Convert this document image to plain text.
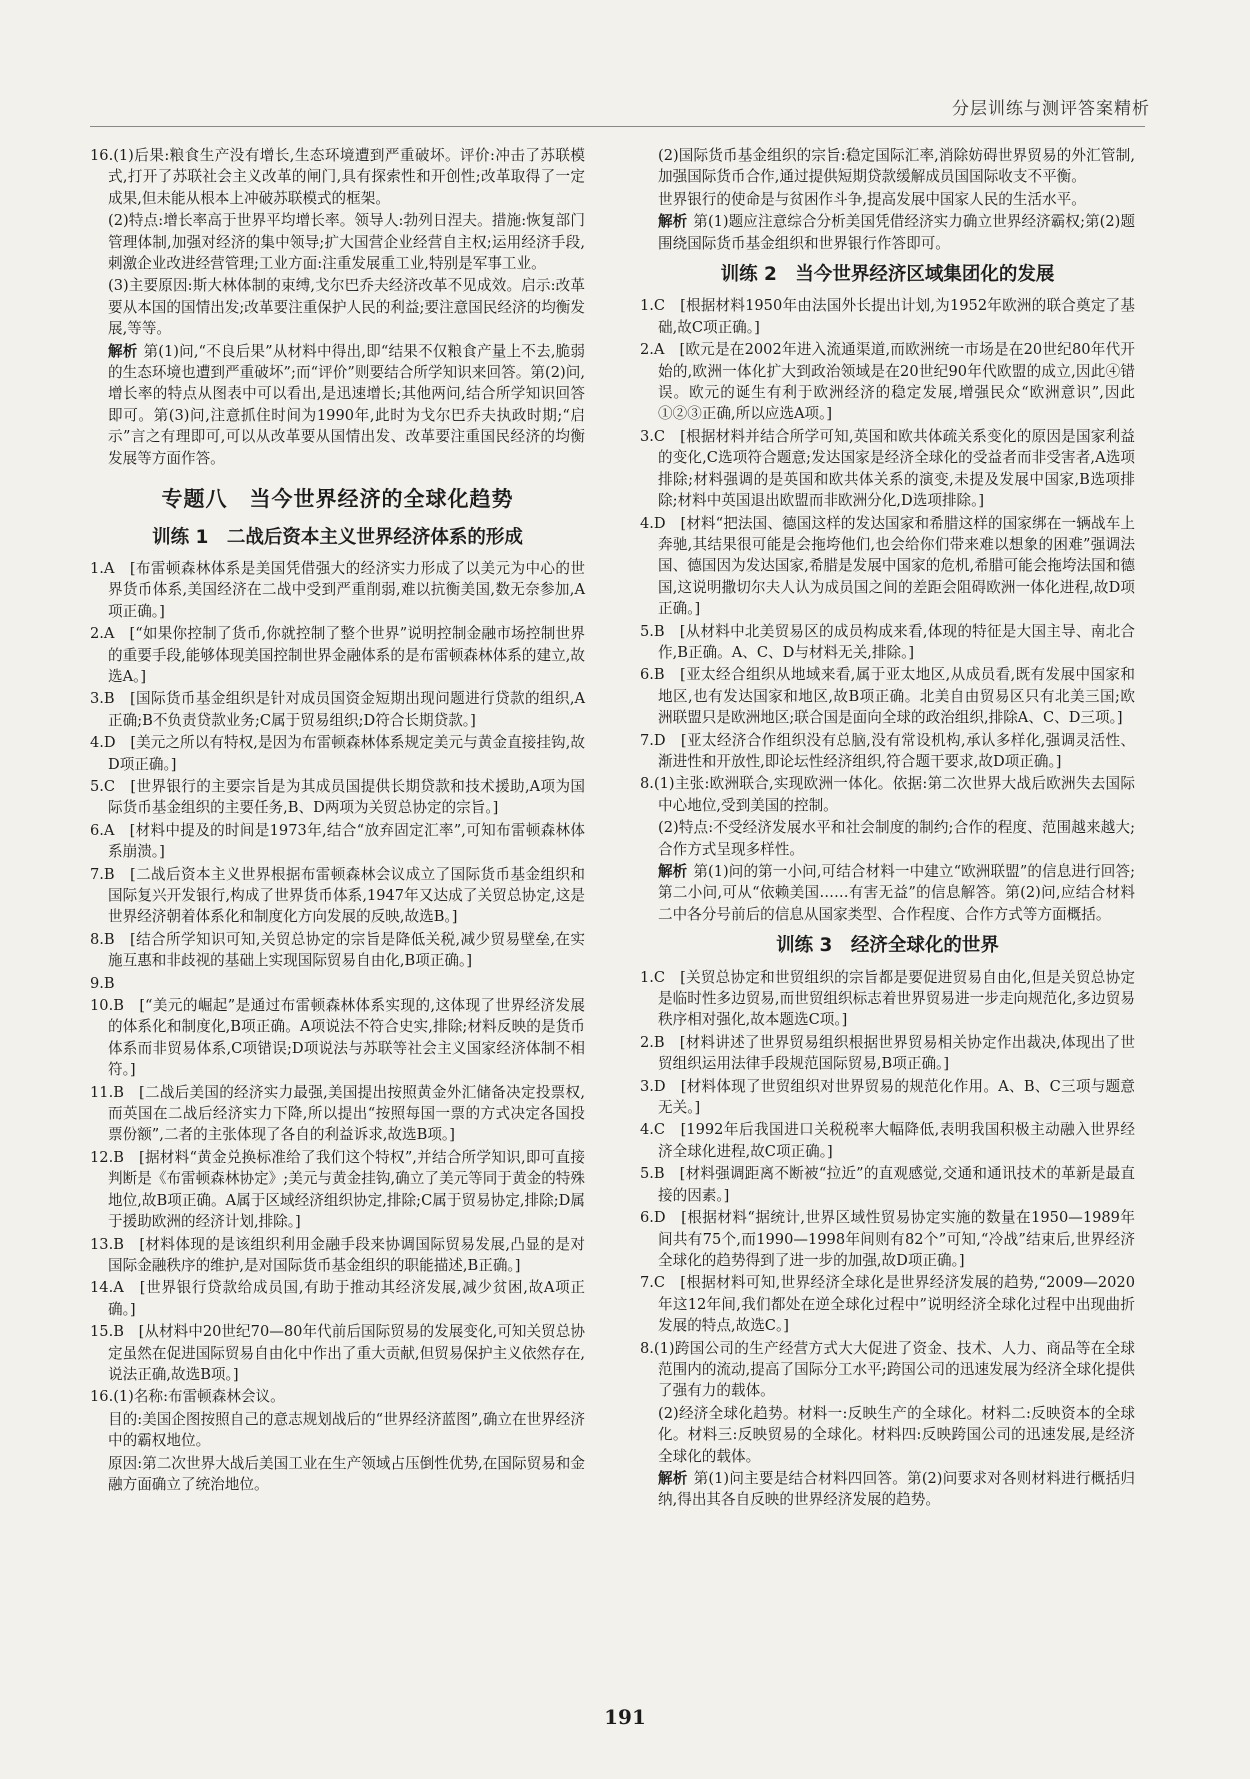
分层训练与测评答案精析

16.(1)后果:粮食生产没有增长,生态环境遭到严重破坏。评价:冲击了苏联模式,打开了苏联社会主义改革的闸门,具有探索性和开创性;改革取得了一定成果,但未能从根本上冲破苏联模式的框架。

(2)特点:增长率高于世界平均增长率。领导人:勃列日涅夫。措施:恢复部门管理体制,加强对经济的集中领导;扩大国营企业经营自主权;运用经济手段,刺激企业改进经营管理;工业方面:注重发展重工业,特别是军事工业。

(3)主要原因:斯大林体制的束缚,戈尔巴乔夫经济改革不见成效。启示:改革要从本国的国情出发;改革要注重保护人民的利益;要注意国民经济的均衡发展,等等。

解析 第(1)问,“不良后果”从材料中得出,即“结果不仅粮食产量上不去,脆弱的生态环境也遭到严重破坏”;而“评价”则要结合所学知识来回答。第(2)问,增长率的特点从图表中可以看出,是迅速增长;其他两问,结合所学知识回答即可。第(3)问,注意抓住时间为1990年,此时为戈尔巴乔夫执政时期;“启示”言之有理即可,可以从改革要从国情出发、改革要注重国民经济的均衡发展等方面作答。

专题八　当今世界经济的全球化趋势
训练 1　二战后资本主义世界经济体系的形成

1.A　[布雷顿森林体系是美国凭借强大的经济实力形成了以美元为中心的世界货币体系,美国经济在二战中受到严重削弱,难以抗衡美国,数无奈参加,A项正确。]

2.A　[“如果你控制了货币,你就控制了整个世界”说明控制金融市场控制世界的重要手段,能够体现美国控制世界金融体系的是布雷顿森林体系的建立,故选A。]

3.B　[国际货币基金组织是针对成员国资金短期出现问题进行贷款的组织,A正确;B不负责贷款业务;C属于贸易组织;D符合长期贷款。]

4.D　[美元之所以有特权,是因为布雷顿森林体系规定美元与黄金直接挂钩,故D项正确。]

5.C　[世界银行的主要宗旨是为其成员国提供长期贷款和技术援助,A项为国际货币基金组织的主要任务,B、D两项为关贸总协定的宗旨。]

6.A　[材料中提及的时间是1973年,结合“放弃固定汇率”,可知布雷顿森林体系崩溃。]

7.B　[二战后资本主义世界根据布雷顿森林会议成立了国际货币基金组织和国际复兴开发银行,构成了世界货币体系,1947年又达成了关贸总协定,这是世界经济朝着体系化和制度化方向发展的反映,故选B。]

8.B　[结合所学知识可知,关贸总协定的宗旨是降低关税,减少贸易壁垒,在实施互惠和非歧视的基础上实现国际贸易自由化,B项正确。]

9.B

10.B　[“美元的崛起”是通过布雷顿森林体系实现的,这体现了世界经济发展的体系化和制度化,B项正确。A项说法不符合史实,排除;材料反映的是货币体系而非贸易体系,C项错误;D项说法与苏联等社会主义国家经济体制不相符。]

11.B　[二战后美国的经济实力最强,美国提出按照黄金外汇储备决定投票权,而英国在二战后经济实力下降,所以提出“按照每国一票的方式决定各国投票份额”,二者的主张体现了各自的利益诉求,故选B项。]

12.B　[据材料“黄金兑换标准给了我们这个特权”,并结合所学知识,即可直接判断是《布雷顿森林协定》;美元与黄金挂钩,确立了美元等同于黄金的特殊地位,故B项正确。A属于区域经济组织协定,排除;C属于贸易协定,排除;D属于援助欧洲的经济计划,排除。]

13.B　[材料体现的是该组织利用金融手段来协调国际贸易发展,凸显的是对国际金融秩序的维护,是对国际货币基金组织的职能描述,B正确。]

14.A　[世界银行贷款给成员国,有助于推动其经济发展,减少贫困,故A项正确。]

15.B　[从材料中20世纪70—80年代前后国际贸易的发展变化,可知关贸总协定虽然在促进国际贸易自由化中作出了重大贡献,但贸易保护主义依然存在,说法正确,故选B项。]

16.(1)名称:布雷顿森林会议。

目的:美国企图按照自己的意志规划战后的“世界经济蓝图”,确立在世界经济中的霸权地位。

原因:第二次世界大战后美国工业在生产领域占压倒性优势,在国际贸易和金融方面确立了统治地位。

(2)国际货币基金组织的宗旨:稳定国际汇率,消除妨碍世界贸易的外汇管制,加强国际货币合作,通过提供短期贷款缓解成员国国际收支不平衡。

世界银行的使命是与贫困作斗争,提高发展中国家人民的生活水平。

解析 第(1)题应注意综合分析美国凭借经济实力确立世界经济霸权;第(2)题围绕国际货币基金组织和世界银行作答即可。

训练 2　当今世界经济区域集团化的发展

1.C　[根据材料1950年由法国外长提出计划,为1952年欧洲的联合奠定了基础,故C项正确。]

2.A　[欧元是在2002年进入流通渠道,而欧洲统一市场是在20世纪80年代开始的,欧洲一体化扩大到政治领域是在20世纪90年代欧盟的成立,因此④错误。欧元的诞生有利于欧洲经济的稳定发展,增强民众“欧洲意识”,因此①②③正确,所以应选A项。]

3.C　[根据材料并结合所学可知,英国和欧共体疏关系变化的原因是国家利益的变化,C选项符合题意;发达国家是经济全球化的受益者而非受害者,A选项排除;材料强调的是英国和欧共体关系的演变,未提及发展中国家,B选项排除;材料中英国退出欧盟而非欧洲分化,D选项排除。]

4.D　[材料“把法国、德国这样的发达国家和希腊这样的国家绑在一辆战车上奔驰,其结果很可能是会拖垮他们,也会给你们带来难以想象的困难”强调法国、德国因为发达国家,希腊是发展中国家的危机,希腊可能会拖垮法国和德国,这说明撒切尔夫人认为成员国之间的差距会阻碍欧洲一体化进程,故D项正确。]

5.B　[从材料中北美贸易区的成员构成来看,体现的特征是大国主导、南北合作,B正确。A、C、D与材料无关,排除。]

6.B　[亚太经合组织从地域来看,属于亚太地区,从成员看,既有发展中国家和地区,也有发达国家和地区,故B项正确。北美自由贸易区只有北美三国;欧洲联盟只是欧洲地区;联合国是面向全球的政治组织,排除A、C、D三项。]

7.D　[亚太经济合作组织没有总脑,没有常设机构,承认多样化,强调灵活性、渐进性和开放性,即论坛性经济组织,符合题干要求,故D项正确。]

8.(1)主张:欧洲联合,实现欧洲一体化。依据:第二次世界大战后欧洲失去国际中心地位,受到美国的控制。

(2)特点:不受经济发展水平和社会制度的制约;合作的程度、范围越来越大;合作方式呈现多样性。

解析 第(1)问的第一小问,可结合材料一中建立“欧洲联盟”的信息进行回答;第二小问,可从“依赖美国……有害无益”的信息解答。第(2)问,应结合材料二中各分号前后的信息从国家类型、合作程度、合作方式等方面概括。

训练 3　经济全球化的世界

1.C　[关贸总协定和世贸组织的宗旨都是要促进贸易自由化,但是关贸总协定是临时性多边贸易,而世贸组织标志着世界贸易进一步走向规范化,多边贸易秩序相对强化,故本题选C项。]

2.B　[材料讲述了世界贸易组织根据世界贸易相关协定作出裁决,体现出了世贸组织运用法律手段规范国际贸易,B项正确。]

3.D　[材料体现了世贸组织对世界贸易的规范化作用。A、B、C三项与题意无关。]

4.C　[1992年后我国进口关税税率大幅降低,表明我国积极主动融入世界经济全球化进程,故C项正确。]

5.B　[材料强调距离不断被“拉近”的直观感觉,交通和通讯技术的革新是最直接的因素。]

6.D　[根据材料“据统计,世界区域性贸易协定实施的数量在1950—1989年间共有75个,而1990—1998年间则有82个”可知,“冷战”结束后,世界经济全球化的趋势得到了进一步的加强,故D项正确。]

7.C　[根据材料可知,世界经济全球化是世界经济发展的趋势,“2009—2020年这12年间,我们都处在逆全球化过程中”说明经济全球化过程中出现曲折发展的特点,故选C。]

8.(1)跨国公司的生产经营方式大大促进了资金、技术、人力、商品等在全球范围内的流动,提高了国际分工水平;跨国公司的迅速发展为经济全球化提供了强有力的载体。

(2)经济全球化趋势。材料一:反映生产的全球化。材料二:反映资本的全球化。材料三:反映贸易的全球化。材料四:反映跨国公司的迅速发展,是经济全球化的载体。

解析 第(1)问主要是结合材料四回答。第(2)问要求对各则材料进行概括归纳,得出其各自反映的世界经济发展的趋势。

191
